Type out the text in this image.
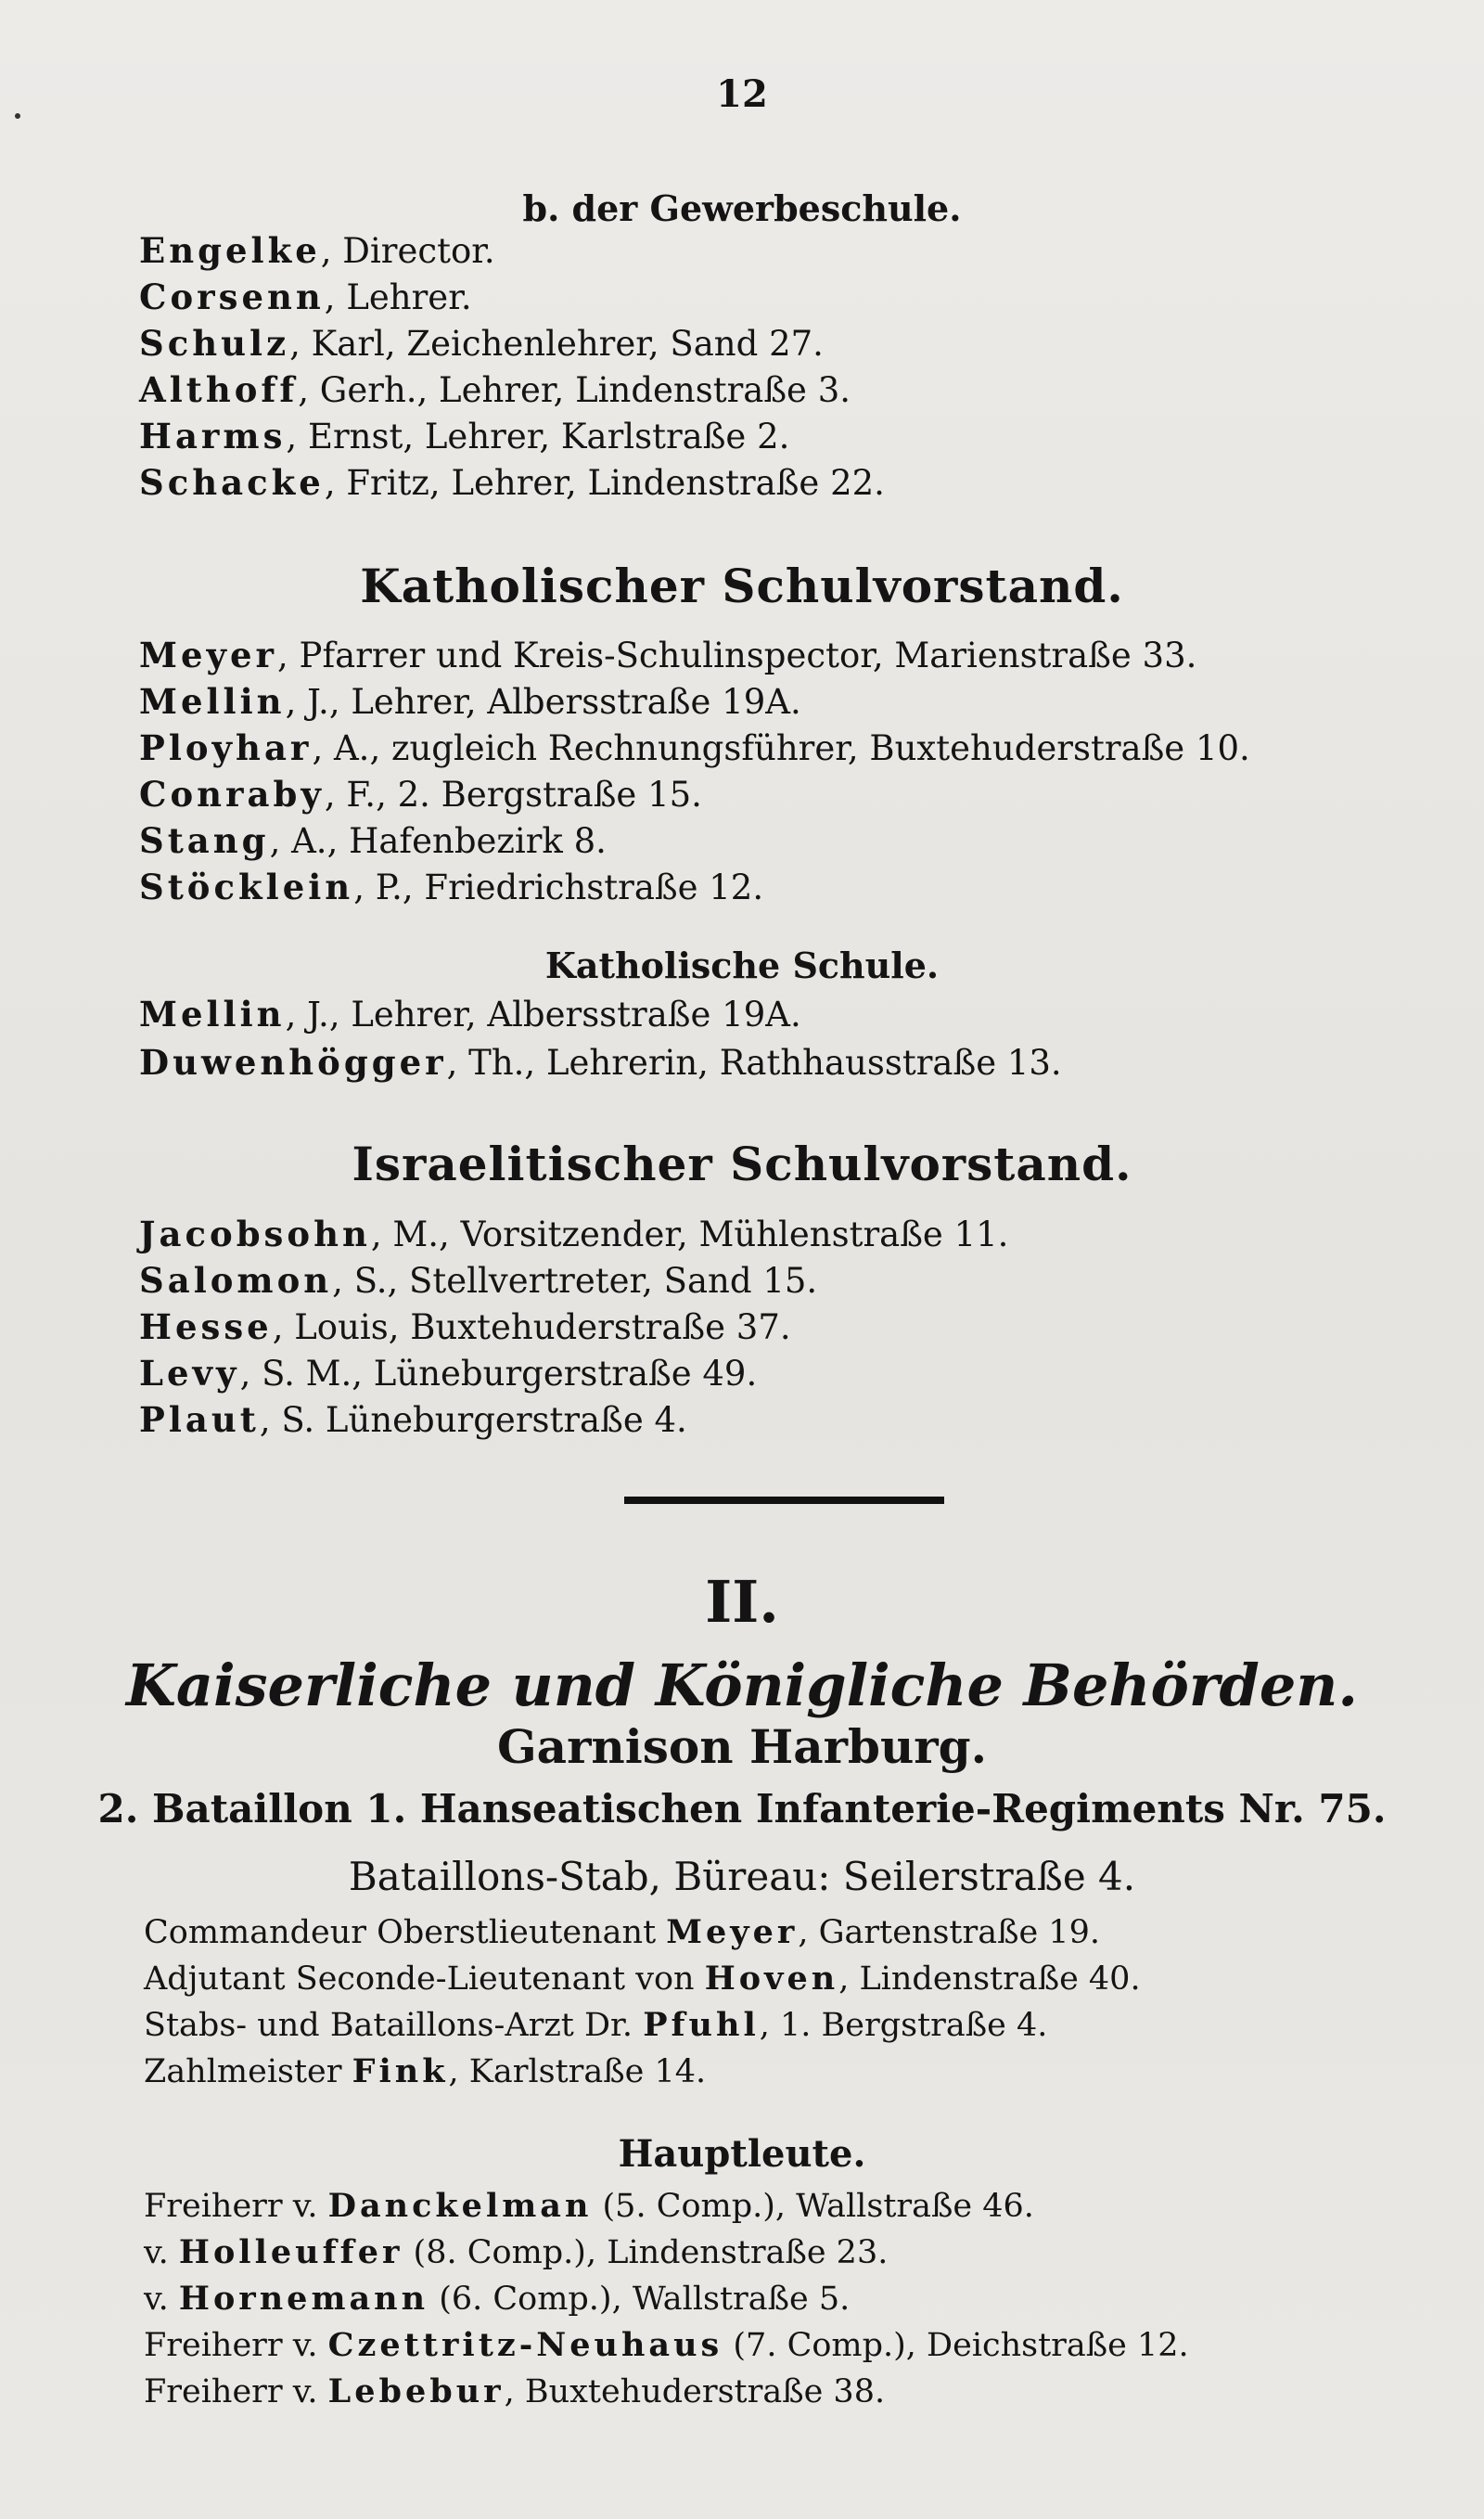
12
b. der Gewerbeschule.
Engelke, Director.
Corsenn, Lehrer.
Schulz, Karl, Zeichenlehrer, Sand 27.
Althoff, Gerh., Lehrer, Lindenstraße 3.
Harms, Ernst, Lehrer, Karlstraße 2.
Schacke, Fritz, Lehrer, Lindenstraße 22.
Katholischer Schulvorstand.
Meyer, Pfarrer und Kreis-Schulinspector, Marienstraße 33.
Mellin, J., Lehrer, Albersstraße 19A.
Ployhar, A., zugleich Rechnungsführer, Buxtehuderstraße 10.
Conraby, F., 2. Bergstraße 15.
Stang, A., Hafenbezirk 8.
Stöcklein, P., Friedrichstraße 12.
Katholische Schule.
Mellin, J., Lehrer, Albersstraße 19A.
Duwenhögger, Th., Lehrerin, Rathhausstraße 13.
Israelitischer Schulvorstand.
Jacobsohn, M., Vorsitzender, Mühlenstraße 11.
Salomon, S., Stellvertreter, Sand 15.
Hesse, Louis, Buxtehuderstraße 37.
Levy, S. M., Lüneburgerstraße 49.
Plaut, S. Lüneburgerstraße 4.
II.
Kaiserliche und Königliche Behörden.
Garnison Harburg.
2. Bataillon 1. Hanseatischen Infanterie-Regiments Nr. 75.
Bataillons-Stab, Büreau: Seilerstraße 4.
Commandeur Oberstlieutenant Meyer, Gartenstraße 19.
Adjutant Seconde-Lieutenant von Hoven, Lindenstraße 40.
Stabs- und Bataillons-Arzt Dr. Pfuhl, 1. Bergstraße 4.
Zahlmeister Fink, Karlstraße 14.
Hauptleute.
Freiherr v. Danckelman (5. Comp.), Wallstraße 46.
v. Holleuffer (8. Comp.), Lindenstraße 23.
v. Hornemann (6. Comp.), Wallstraße 5.
Freiherr v. Czettritz-Neuhaus (7. Comp.), Deichstraße 12.
Freiherr v. Lebebur, Buxtehuderstraße 38.
